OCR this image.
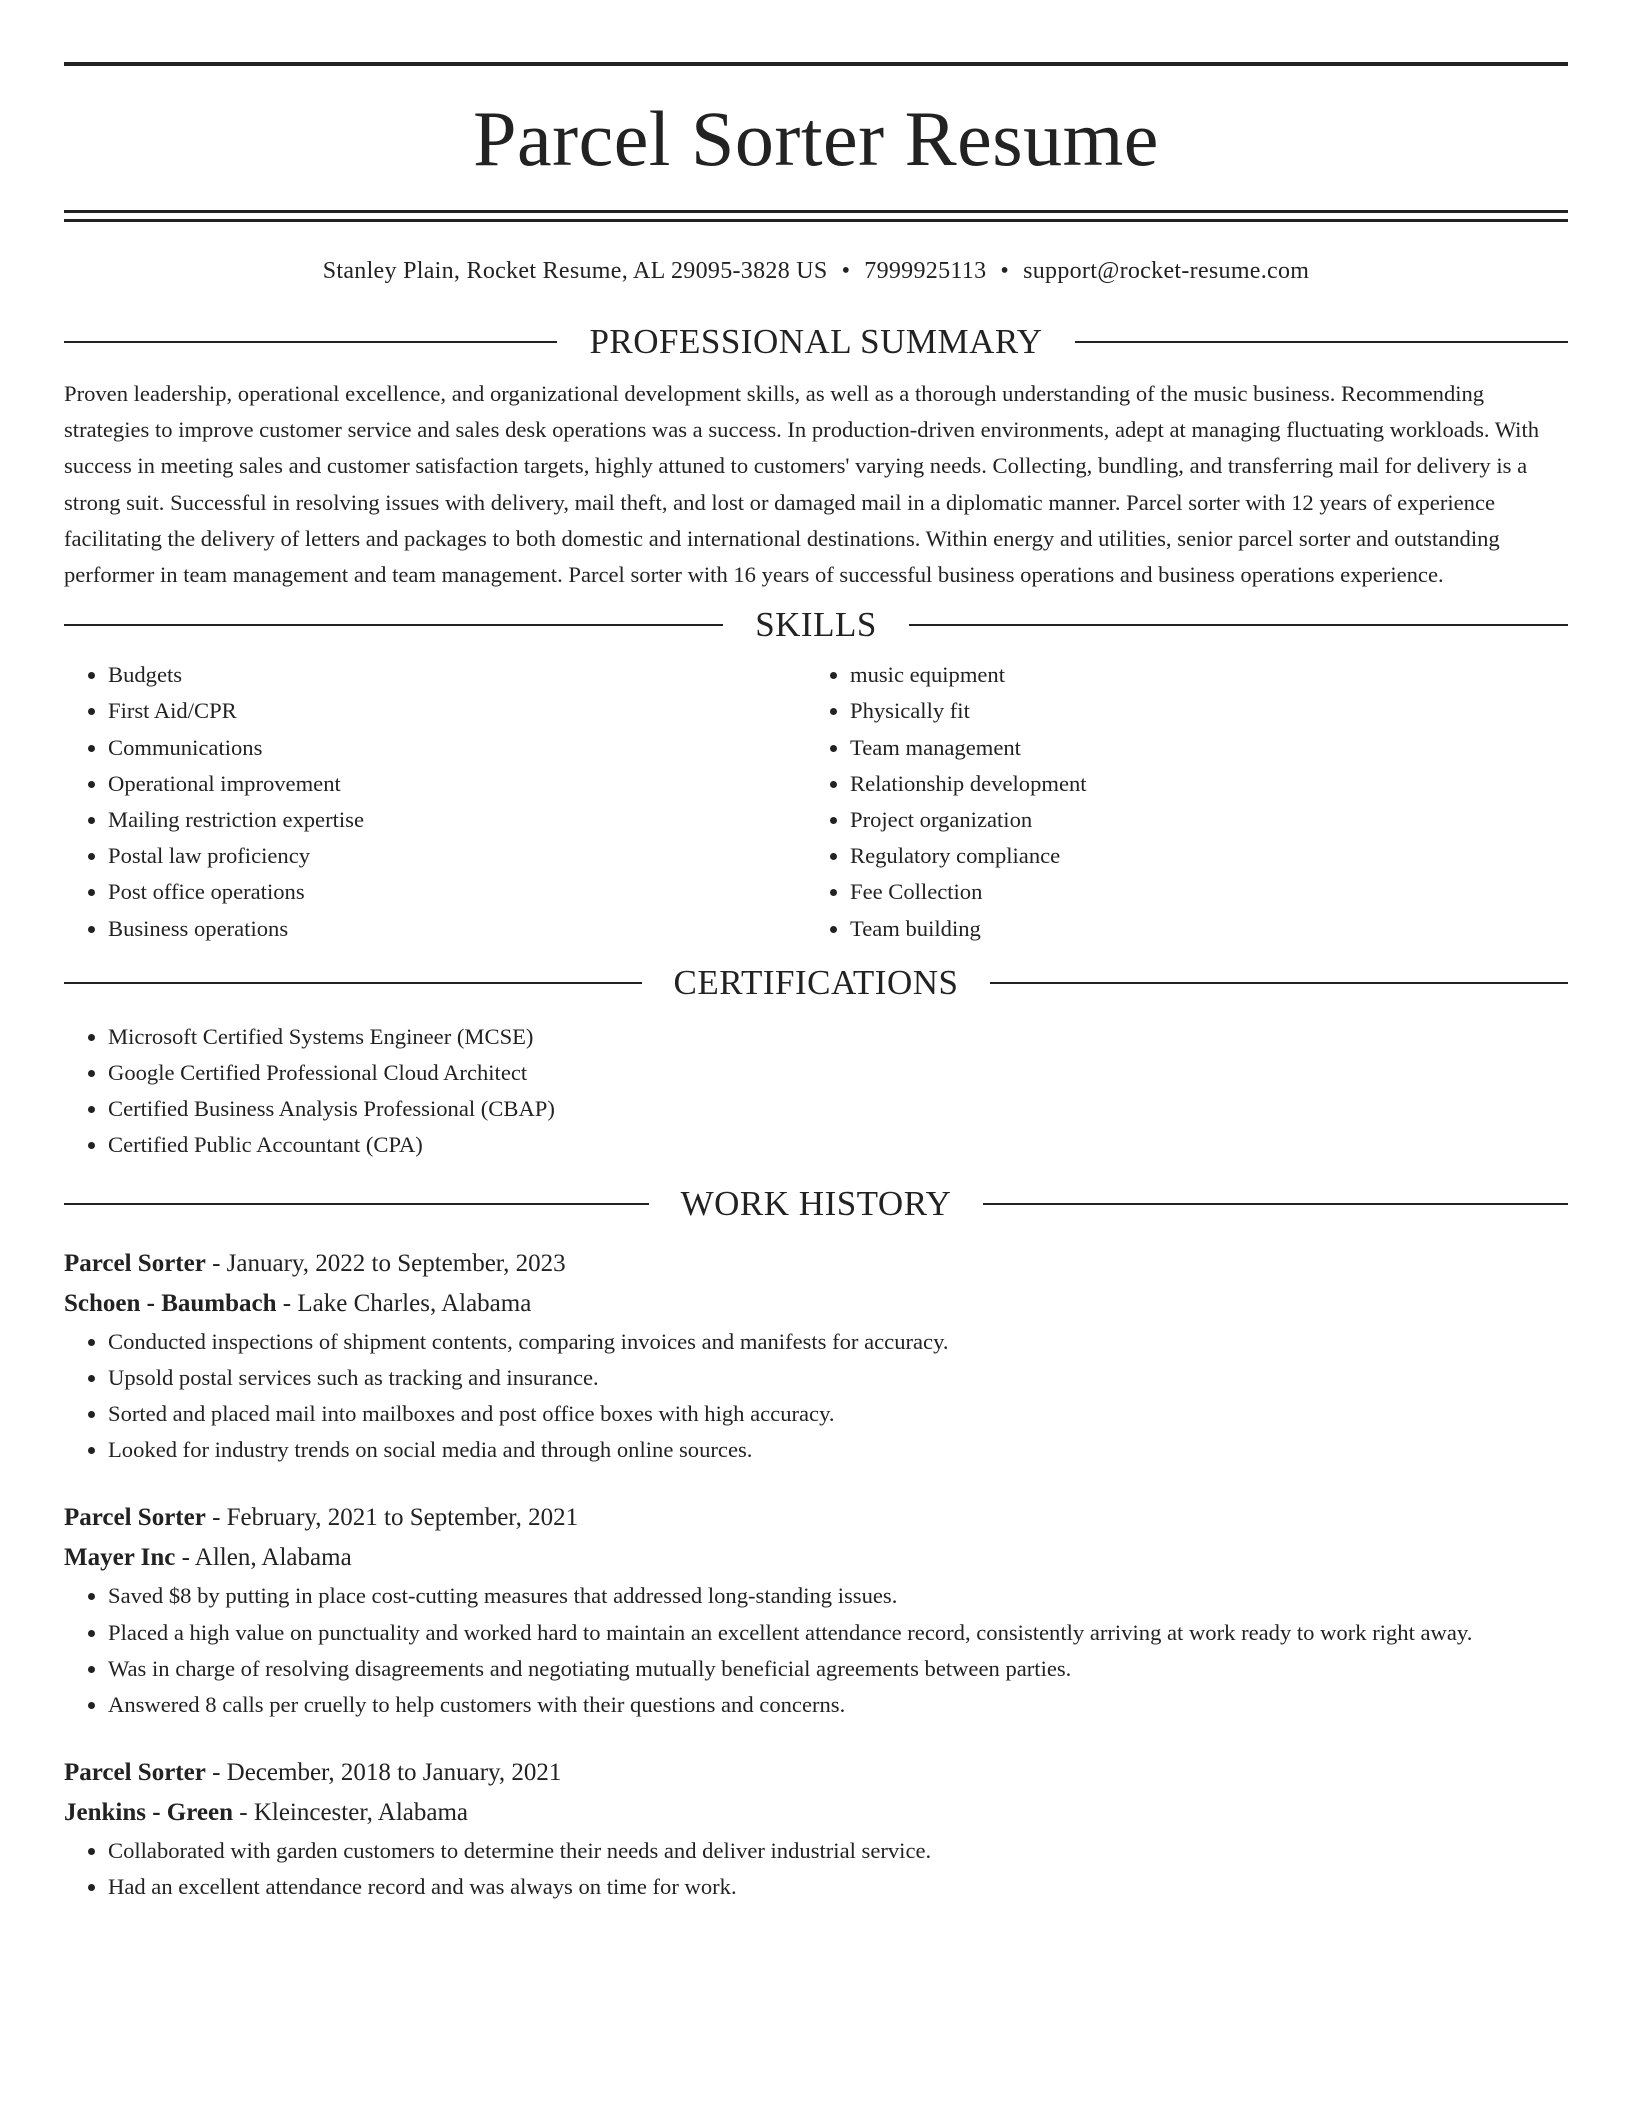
Parcel Sorter Resume
Stanley Plain, Rocket Resume, AL 29095-3828 US • 7999925113 • support@rocket-resume.com
PROFESSIONAL SUMMARY

Proven leadership, operational excellence, and organizational development skills, as well as a thorough understanding of the music business. Recommending strategies to improve customer service and sales desk operations was a success. In production-driven environments, adept at managing fluctuating workloads. With success in meeting sales and customer satisfaction targets, highly attuned to customers' varying needs. Collecting, bundling, and transferring mail for delivery is a strong suit. Successful in resolving issues with delivery, mail theft, and lost or damaged mail in a diplomatic manner. Parcel sorter with 12 years of experience facilitating the delivery of letters and packages to both domestic and international destinations. Within energy and utilities, senior parcel sorter and outstanding performer in team management and team management. Parcel sorter with 16 years of successful business operations and business operations experience.

SKILLS
• Budgets
• First Aid/CPR
• Communications
• Operational improvement
• Mailing restriction expertise
• Postal law proficiency
• Post office operations
• Business operations
• music equipment
• Physically fit
• Team management
• Relationship development
• Project organization
• Regulatory compliance
• Fee Collection
• Team building
CERTIFICATIONS
• Microsoft Certified Systems Engineer (MCSE)
• Google Certified Professional Cloud Architect
• Certified Business Analysis Professional (CBAP)
• Certified Public Accountant (CPA)
WORK HISTORY

Parcel Sorter - January, 2022 to September, 2023

Schoen - Baumbach - Lake Charles, Alabama

• Conducted inspections of shipment contents, comparing invoices and manifests for accuracy.
• Upsold postal services such as tracking and insurance.
• Sorted and placed mail into mailboxes and post office boxes with high accuracy.
• Looked for industry trends on social media and through online sources.

Parcel Sorter - February, 2021 to September, 2021

Mayer Inc - Allen, Alabama

• Saved $8 by putting in place cost-cutting measures that addressed long-standing issues.
• Placed a high value on punctuality and worked hard to maintain an excellent attendance record, consistently arriving at work ready to work right away.
• Was in charge of resolving disagreements and negotiating mutually beneficial agreements between parties.
• Answered 8 calls per cruelly to help customers with their questions and concerns.

Parcel Sorter - December, 2018 to January, 2021

Jenkins - Green - Kleincester, Alabama

• Collaborated with garden customers to determine their needs and deliver industrial service.
• Had an excellent attendance record and was always on time for work.
